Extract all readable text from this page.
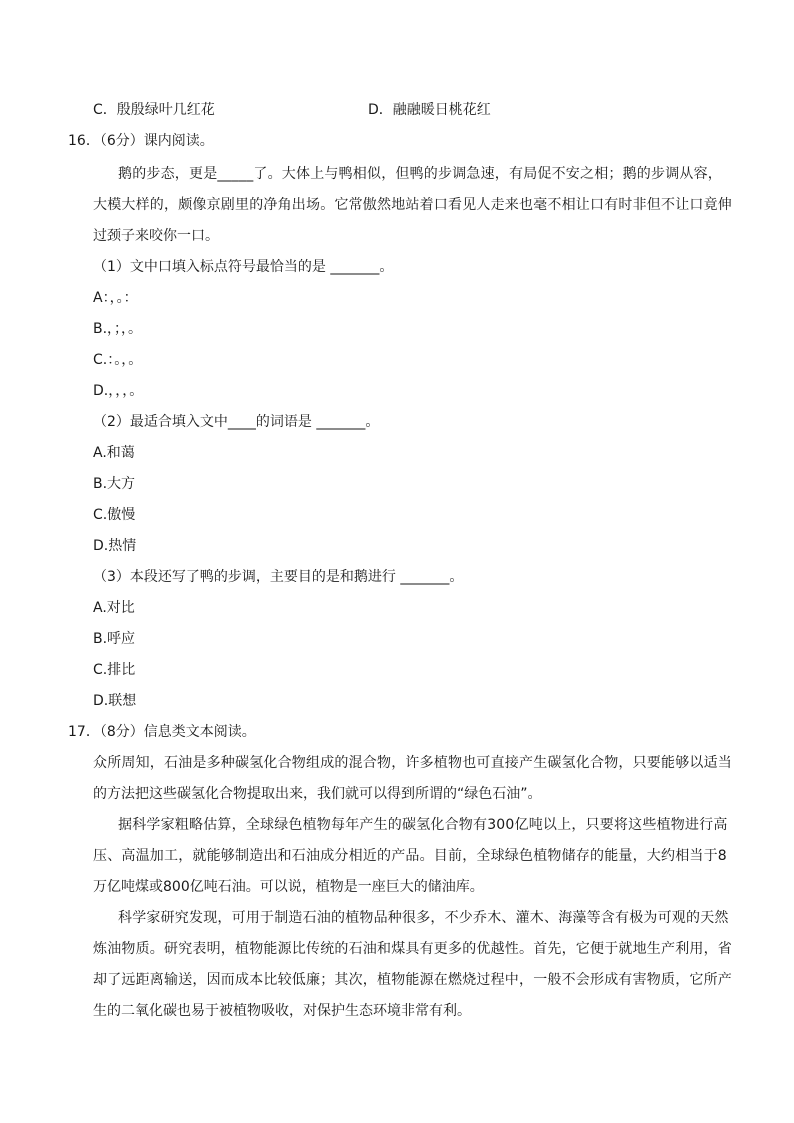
C．殷殷绿叶几红花	D．融融暖日桃花红
16．（6分）课内阅读。
鹅的步态，更是_____了。大体上与鸭相似，但鸭的步调急速，有局促不安之相；鹅的步调从容，
大模大样的，颇像京剧里的净角出场。它常傲然地站着口看见人走来也毫不相让口有时非但不让口竟伸
过颈子来咬你一口。
（1）文中口填入标点符号最恰当的是 _______。
A：，。：
B.，；，。
C.：。，。
D.，，，。
（2）最适合填入文中____的词语是 _______。
A.和蔼
B.大方
C.傲慢
D.热情
（3）本段还写了鸭的步调，主要目的是和鹅进行 _______。
A.对比
B.呼应
C.排比
D.联想
17．（8分）信息类文本阅读。
众所周知，石油是多种碳氢化合物组成的混合物，许多植物也可直接产生碳氢化合物，只要能够以适当
的方法把这些碳氢化合物提取出来，我们就可以得到所谓的“绿色石油”。
据科学家粗略估算，全球绿色植物每年产生的碳氢化合物有300亿吨以上，只要将这些植物进行高
压、高温加工，就能够制造出和石油成分相近的产品。目前，全球绿色植物储存的能量，大约相当于8
万亿吨煤或800亿吨石油。可以说，植物是一座巨大的储油库。
科学家研究发现，可用于制造石油的植物品种很多，不少乔木、灌木、海藻等含有极为可观的天然
炼油物质。研究表明，植物能源比传统的石油和煤具有更多的优越性。首先，它便于就地生产利用，省
却了远距离输送，因而成本比较低廉；其次，植物能源在燃烧过程中，一般不会形成有害物质，它所产
生的二氧化碳也易于被植物吸收，对保护生态环境非常有利。
